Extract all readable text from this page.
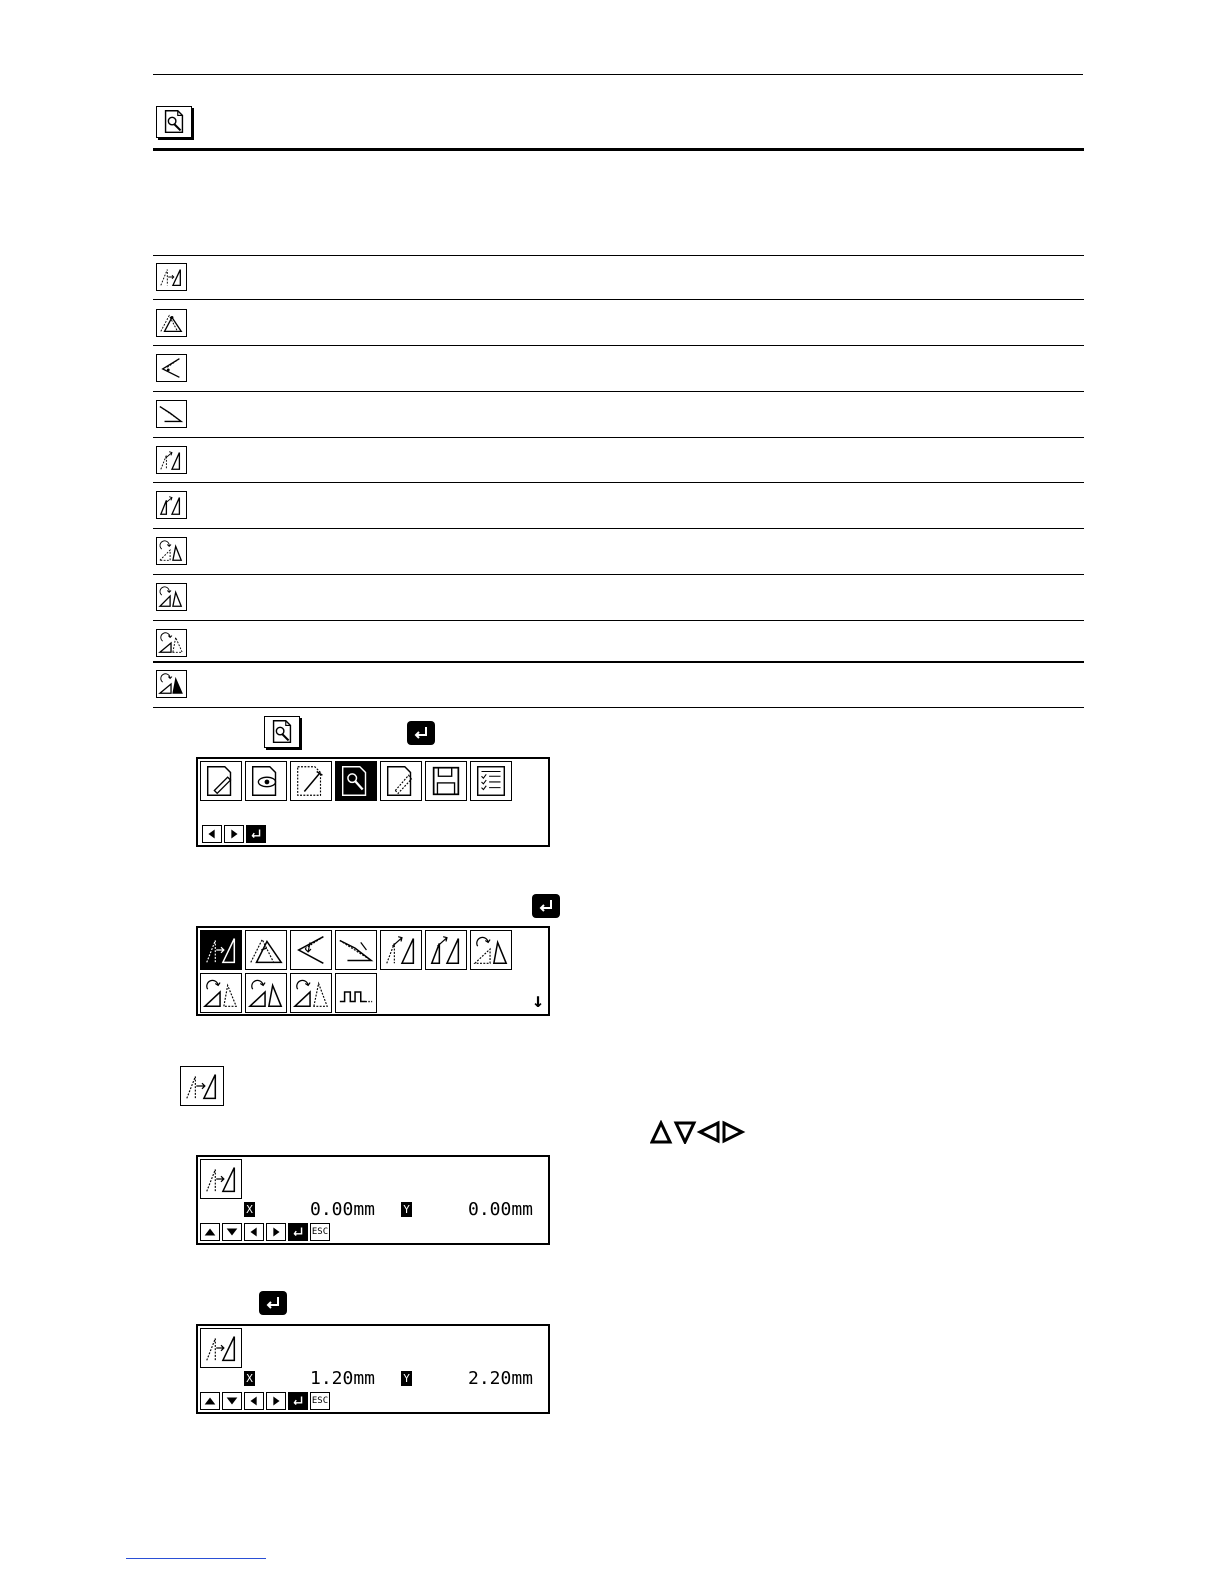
↓
X	0.00mm	Y	0.00mm
ESC
X	1.20mm	Y	2.20mm
ESC
